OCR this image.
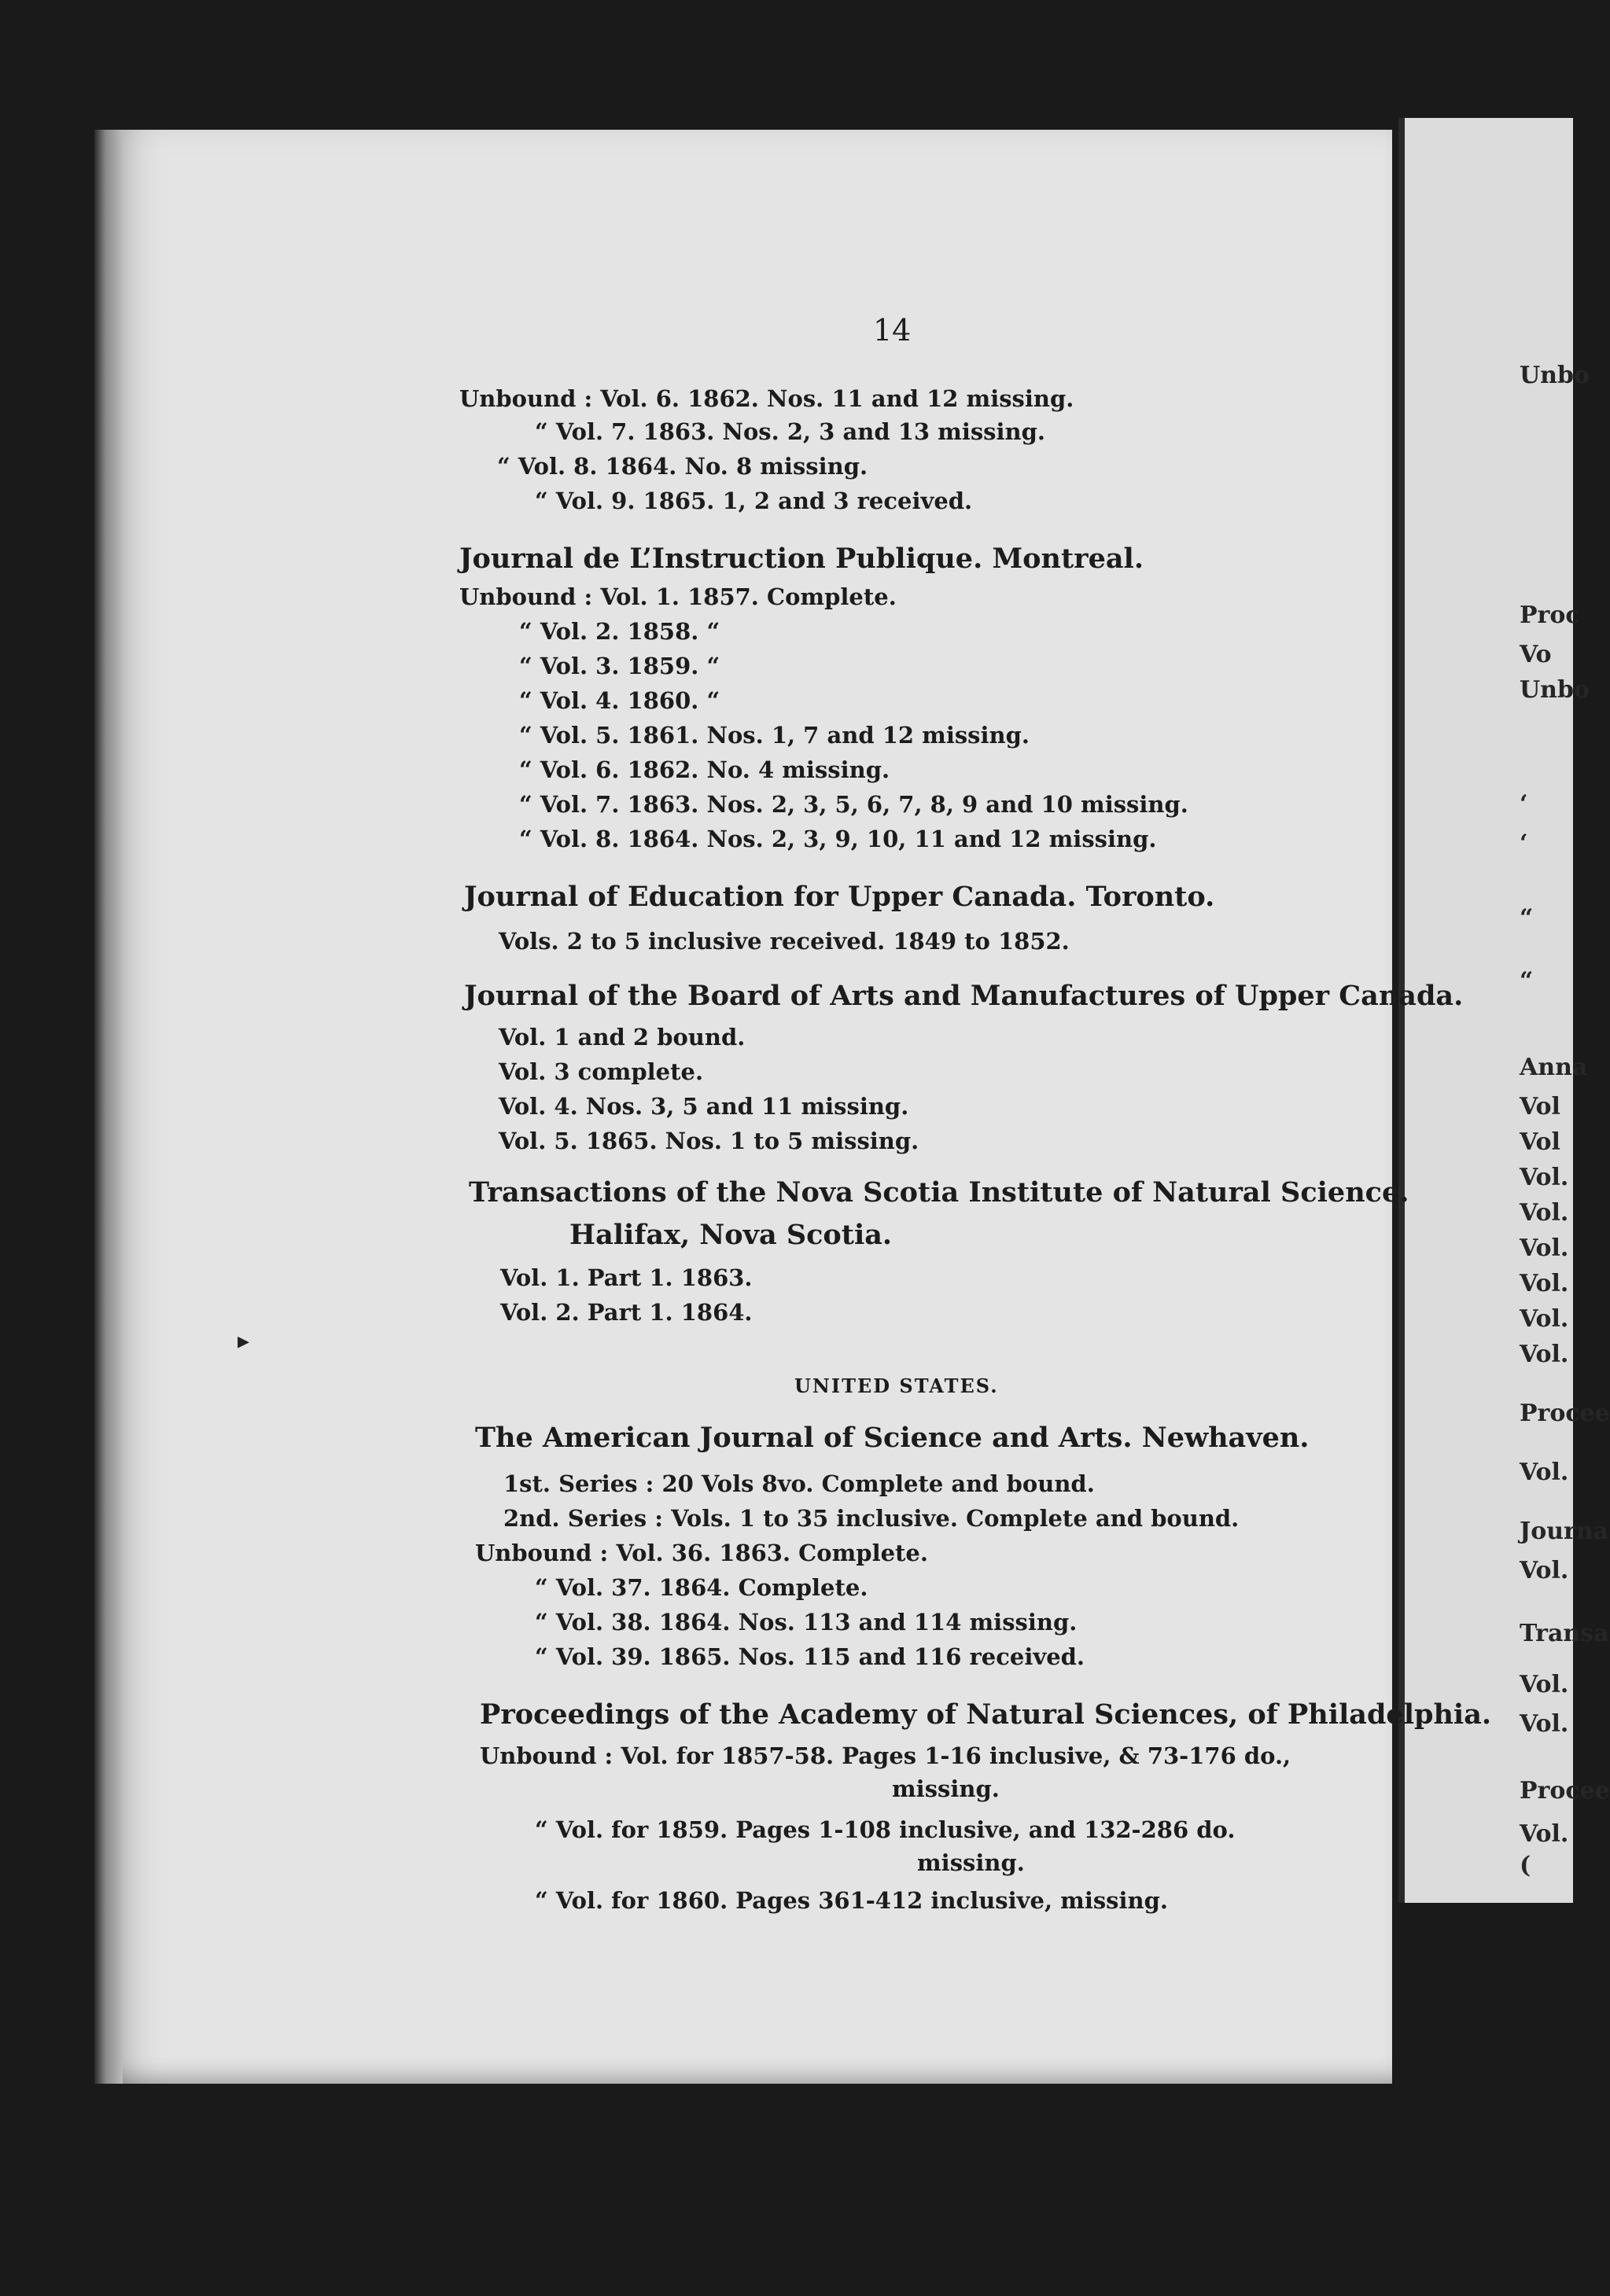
Unbo
Proc
Vo
Unbo
‘
‘
“
“
Anna
Vol
Vol
Vol.
Vol.
Vol.
Vol.
Vol.
Vol.
Procee
Vol.
Journa
Vol.
Transa
Vol.
Vol.
Procee
Vol.
(
▸
14
Unbound : Vol. 6. 1862. Nos. 11 and 12 missing.
“ Vol. 7. 1863. Nos. 2, 3 and 13 missing.
“ Vol. 8. 1864. No. 8 missing.
“ Vol. 9. 1865. 1, 2 and 3 received.
Journal de L’Instruction Publique. Montreal.
Unbound : Vol. 1. 1857. Complete.
“ Vol. 2. 1858. “
“ Vol. 3. 1859. “
“ Vol. 4. 1860. “
“ Vol. 5. 1861. Nos. 1, 7 and 12 missing.
“ Vol. 6. 1862. No. 4 missing.
“ Vol. 7. 1863. Nos. 2, 3, 5, 6, 7, 8, 9 and 10 missing.
“ Vol. 8. 1864. Nos. 2, 3, 9, 10, 11 and 12 missing.
Journal of Education for Upper Canada. Toronto.
Vols. 2 to 5 inclusive received. 1849 to 1852.
Journal of the Board of Arts and Manufactures of Upper Canada.
Vol. 1 and 2 bound.
Vol. 3 complete.
Vol. 4. Nos. 3, 5 and 11 missing.
Vol. 5. 1865. Nos. 1 to 5 missing.
Transactions of the Nova Scotia Institute of Natural Science.
Halifax, Nova Scotia.
Vol. 1. Part 1. 1863.
Vol. 2. Part 1. 1864.
UNITED STATES.
The American Journal of Science and Arts. Newhaven.
1st. Series : 20 Vols 8vo. Complete and bound.
2nd. Series : Vols. 1 to 35 inclusive. Complete and bound.
Unbound : Vol. 36. 1863. Complete.
“ Vol. 37. 1864. Complete.
“ Vol. 38. 1864. Nos. 113 and 114 missing.
“ Vol. 39. 1865. Nos. 115 and 116 received.
Proceedings of the Academy of Natural Sciences, of Philadelphia.
Unbound : Vol. for 1857-58. Pages 1-16 inclusive, & 73-176 do.,
missing.
“ Vol. for 1859. Pages 1-108 inclusive, and 132-286 do.
missing.
“ Vol. for 1860. Pages 361-412 inclusive, missing.
